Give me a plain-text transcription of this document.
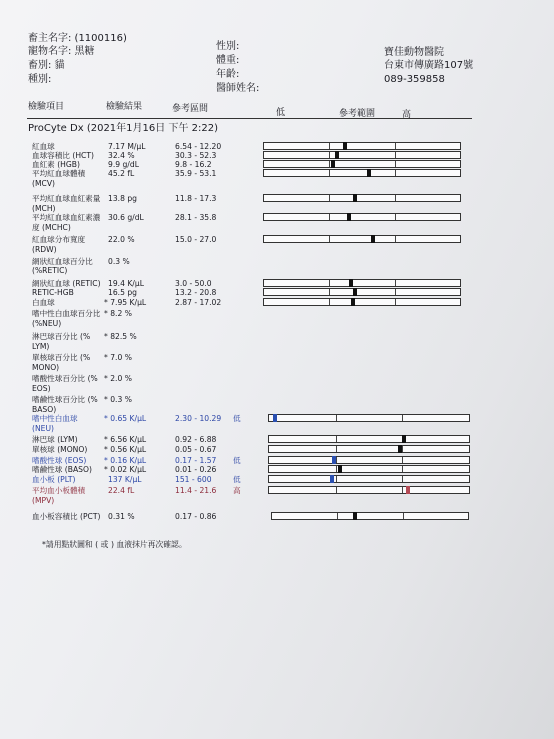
畜主名字: (1100116)
寵物名字: 黑糖
畜別: 貓
種別:
性別:
體重:
年齡:
醫師姓名:
寶佳動物醫院
台東市傳廣路107號
089-359858
檢驗項目	檢驗結果	參考區間	低	參考範圍	高
ProCyte Dx (2021年1月16日 下午 2:22)
紅血球	7.17 M/µL	6.54 - 12.20
血球容積比 (HCT) 32.4 %	30.3 - 52.3
血紅素 (HGB)	9.9 g/dL	9.8 - 16.2
平均紅血球體積	45.2 fL	35.9 - 53.1
(MCV)
平均紅血球血紅素量 13.8 pg	11.8 - 17.3
(MCH)
平均紅血球血紅素濃 30.6 g/dL	28.1 - 35.8
度 (MCHC)
紅血球分布寬度	22.0 %	15.0 - 27.0
(RDW)
網狀紅血球百分比 0.3 %
(%RETIC)
網狀紅血球 (RETIC) 19.4 K/µL	3.0 - 50.0
RETIC-HGB	16.5 pg	13.2 - 20.8
白血球	* 7.95 K/µL	2.87 - 17.02
嗜中性白血球百分比 * 8.2 %
(%NEU)
淋巴球百分比 (% * 82.5 %
LYM)
單核球百分比 (% * 7.0 %
MONO)
嗜酸性球百分比 (% * 2.0 %
EOS)
嗜鹼性球百分比 (% * 0.3 %
BASO)
嗜中性白血球	* 0.65 K/µL	2.30 - 10.29 低
(NEU)
淋巴球 (LYM)	* 6.56 K/µL	0.92 - 6.88
單核球 (MONO) * 0.56 K/µL	0.05 - 0.67
嗜酸性球 (EOS) * 0.16 K/µL	0.17 - 1.57 低
嗜鹼性球 (BASO) * 0.02 K/µL	0.01 - 0.26
血小板 (PLT)	137 K/µL	151 - 600	低
平均血小板體積	22.4 fL	11.4 - 21.6 高
(MPV)
血小板容積比 (PCT) 0.31 %	0.17 - 0.86
*請用點狀圖和 ( 或 ) 血液抹片再次確認。
